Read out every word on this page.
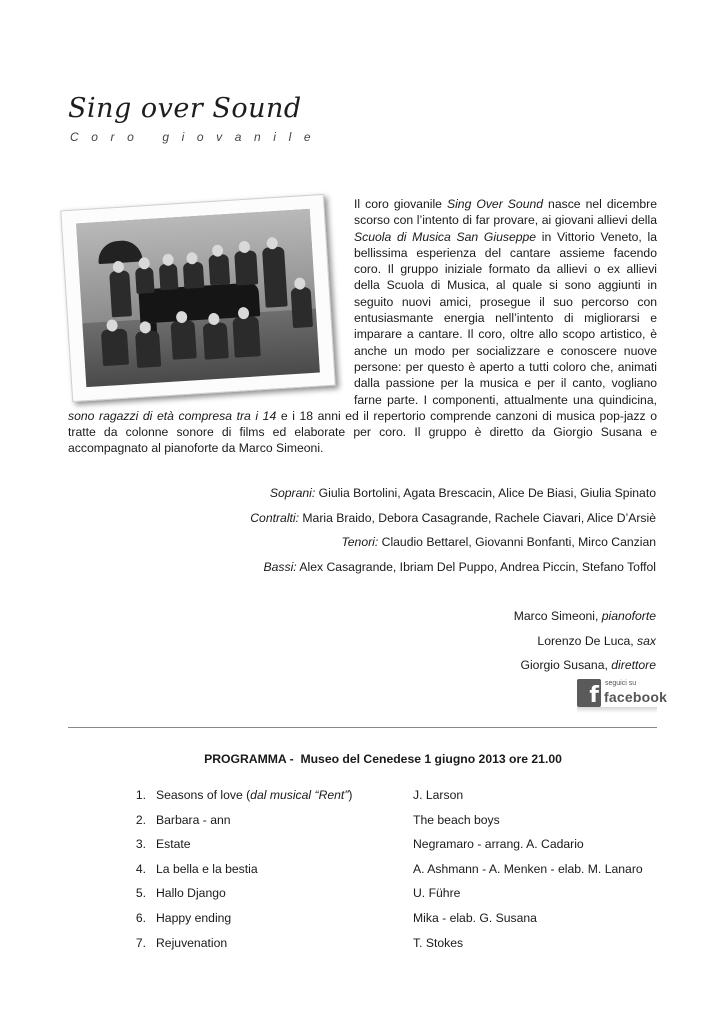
Sing over Sound
Coro giovanile

Il coro giovanile Sing Over Sound nasce nel dicembre scorso con l’intento di far provare, ai giovani allievi della Scuola di Musica San Giuseppe in Vittorio Veneto, la bellissima esperienza del cantare assieme facendo coro. Il gruppo iniziale formato da allievi o ex allievi della Scuola di Musica, al quale si sono aggiunti in seguito nuovi amici, prosegue il suo percorso con entusiasmante energia nell’intento di migliorarsi e imparare a cantare. Il coro, oltre allo scopo artistico, è anche un modo per socializzare e conoscere nuove persone: per questo è aperto a tutti coloro che, animati dalla passione per la musica e per il canto, vogliano farne parte. I componenti, attualmente una quindicina, sono ragazzi di età compresa tra i 14 e i 18 anni ed il repertorio comprende canzoni di musica pop-jazz o tratte da colonne sonore di films ed elaborate per coro. Il gruppo è diretto da Giorgio Susana e accompagnato al pianoforte da Marco Simeoni.

Soprani: Giulia Bortolini, Agata Brescacin, Alice De Biasi, Giulia Spinato
Contralti: Maria Braido, Debora Casagrande, Rachele Ciavari, Alice D’Arsiè
Tenori: Claudio Bettarel, Giovanni Bonfanti, Mirco Canzian
Bassi: Alex Casagrande, Ibriam Del Puppo, Andrea Piccin, Stefano Toffol
Marco Simeoni, pianoforte
Lorenzo De Luca, sax
Giorgio Susana, direttore
f seguici su
facebook
PROGRAMMA -  Museo del Cenedese 1 giugno 2013 ore 21.00
1. Seasons of love (dal musical “Rent”)	J. Larson
2. Barbara - ann	The beach boys
3. Estate	Negramaro - arrang. A. Cadario
4. La bella e la bestia	A. Ashmann - A. Menken - elab. M. Lanaro
5. Hallo Django	U. Führe
6. Happy ending	Mika - elab. G. Susana
7. Rejuvenation	T. Stokes
